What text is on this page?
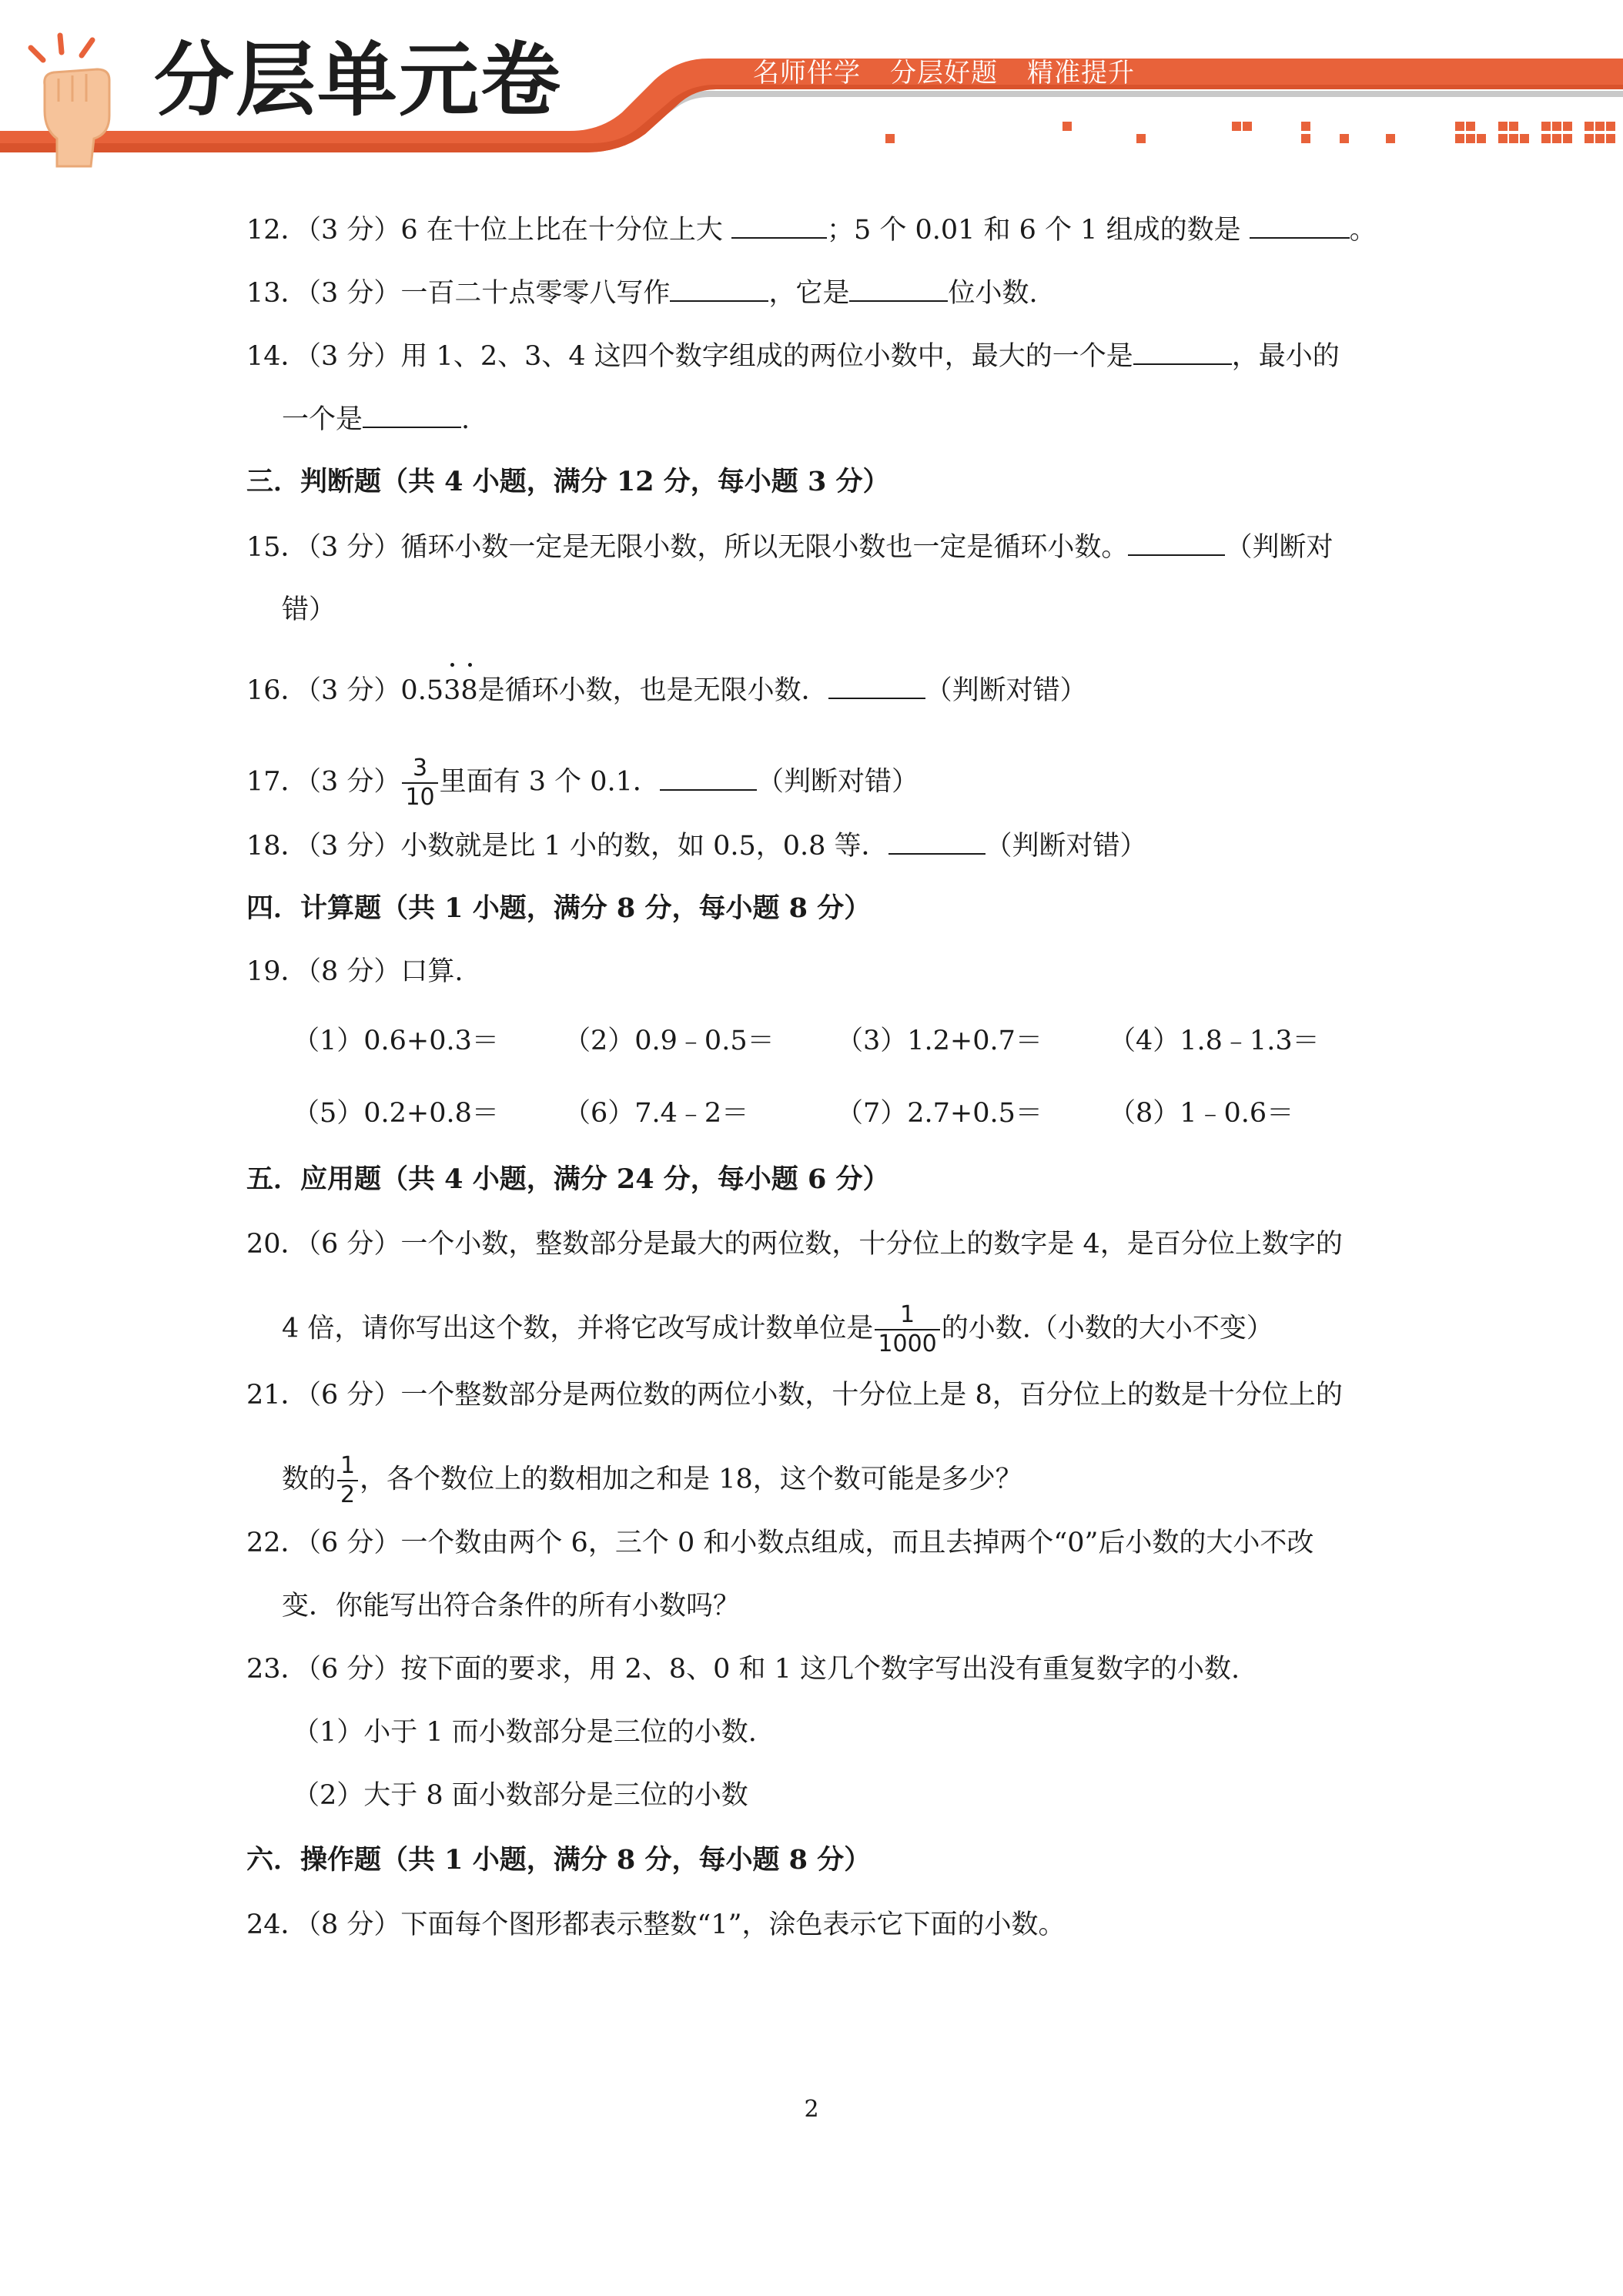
分层单元卷	名师伴学 分层好题 精准提升
12．（3 分）6 在十位上比在十分位上大	；5 个 0.01 和 6 个 1 组成的数是	。
13．（3 分）一百二十点零零八写作	，它是	位小数.
14．（3 分）用 1、2、3、4 这四个数字组成的两位小数中，最大的一个是	，最小的
一个是	.
三．判断题（共 4 小题，满分 12 分，每小题 3 分）
15．（3 分）循环小数一定是无限小数，所以无限小数也一定是循环小数。	（判断对
错）
16．（3 分）0.538是循环小数，也是无限小数．	（判断对错）
17．（3 分） $\frac{3}{10}$ 里面有 3 个 0.1．	（判断对错）
18．（3 分）小数就是比 1 小的数，如 0.5，0.8 等．	（判断对错）
四．计算题（共 1 小题，满分 8 分，每小题 8 分）
19．（8 分）口算.
（1）0.6+0.3＝ （2）0.9﹣0.5＝ （3）1.2+0.7＝ （4）1.8﹣1.3＝
（5）0.2+0.8＝ （6）7.4﹣2＝	（7）2.7+0.5＝ （8）1﹣0.6＝
五．应用题（共 4 小题，满分 24 分，每小题 6 分）
20．（6 分）一个小数，整数部分是最大的两位数，十分位上的数字是 4，是百分位上数字的
4 倍，请你写出这个数，并将它改写成计数单位是 $\frac{1}{1000}$ 的小数.（小数的大小不变）
21．（6 分）一个整数部分是两位数的两位小数，十分位上是 8，百分位上的数是十分位上的
数的 $\frac{1}{2}$ ，各个数位上的数相加之和是 18，这个数可能是多少？
22．（6 分）一个数由两个 6，三个 0 和小数点组成，而且去掉两个“0”后小数的大小不改
变．你能写出符合条件的所有小数吗？
23．（6 分）按下面的要求，用 2、8、0 和 1 这几个数字写出没有重复数字的小数.
（1）小于 1 而小数部分是三位的小数.
（2）大于 8 面小数部分是三位的小数
六．操作题（共 1 小题，满分 8 分，每小题 8 分）
24．（8 分）下面每个图形都表示整数“1”，涂色表示它下面的小数。
2
